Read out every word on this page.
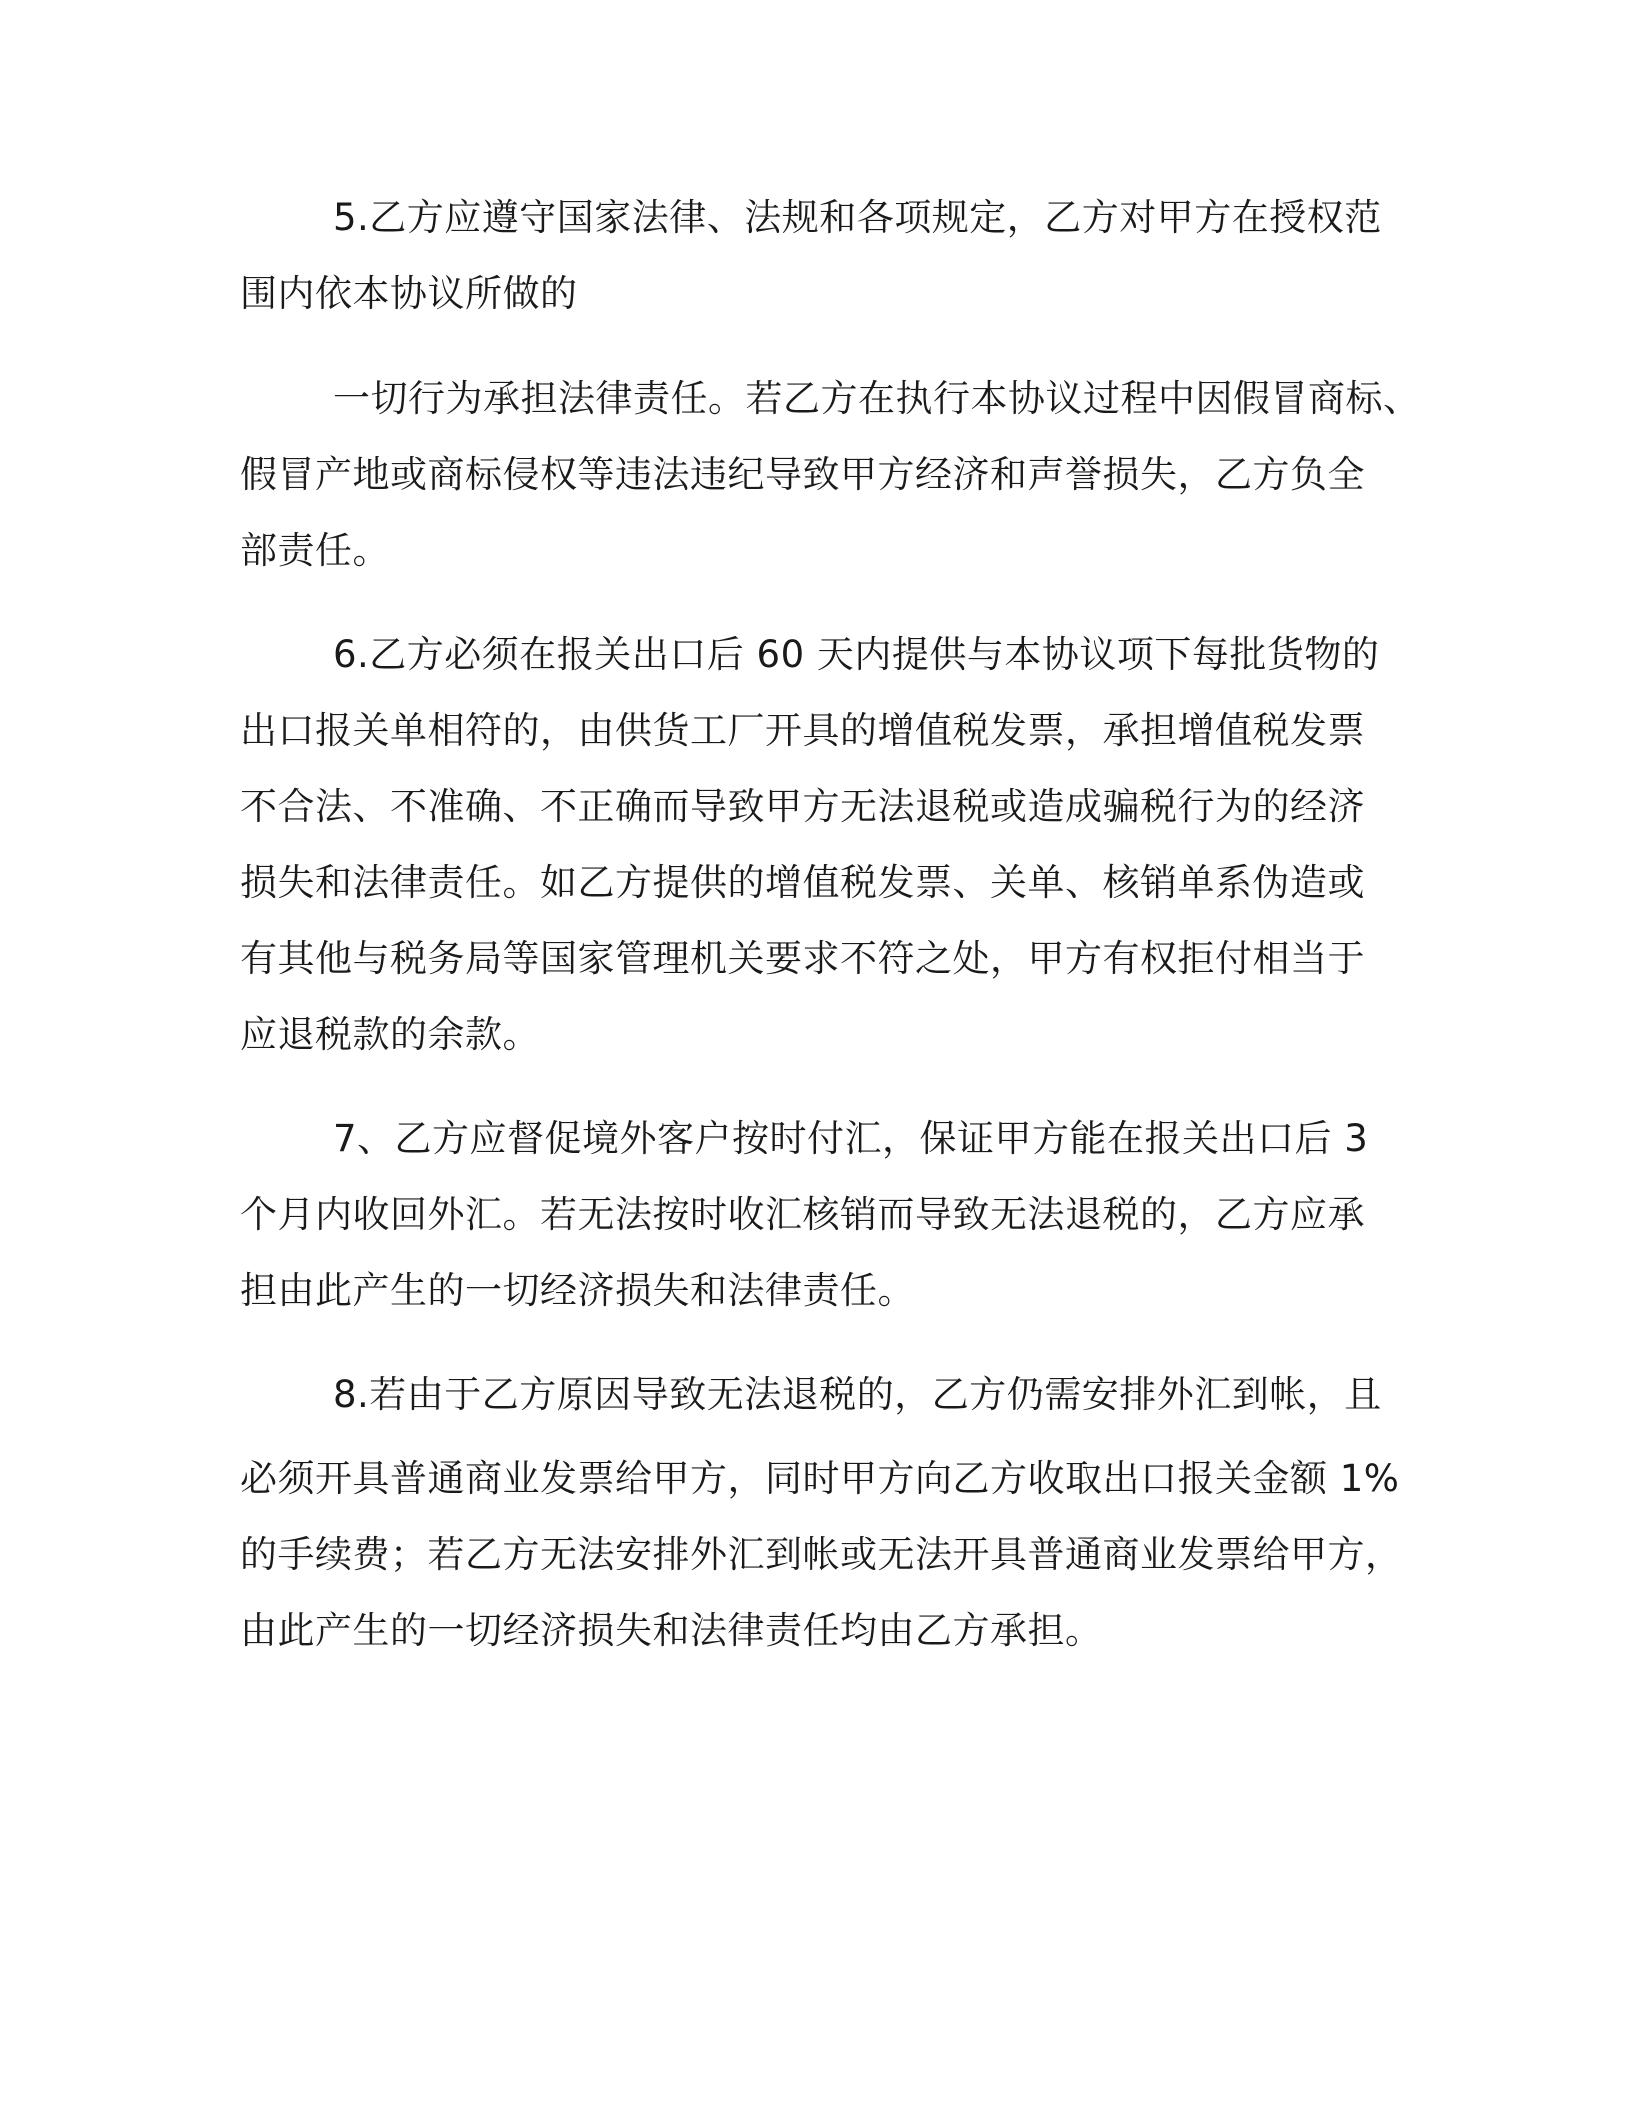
5.乙方应遵守国家法律、法规和各项规定，乙方对甲方在授权范
围内依本协议所做的
一切行为承担法律责任。若乙方在执行本协议过程中因假冒商标、
假冒产地或商标侵权等违法违纪导致甲方经济和声誉损失，乙方负全
部责任。
6.乙方必须在报关出口后 60 天内提供与本协议项下每批货物的
出口报关单相符的，由供货工厂开具的增值税发票，承担增值税发票
不合法、不准确、不正确而导致甲方无法退税或造成骗税行为的经济
损失和法律责任。如乙方提供的增值税发票、关单、核销单系伪造或
有其他与税务局等国家管理机关要求不符之处，甲方有权拒付相当于
应退税款的余款。
7、乙方应督促境外客户按时付汇，保证甲方能在报关出口后 3
个月内收回外汇。若无法按时收汇核销而导致无法退税的，乙方应承
担由此产生的一切经济损失和法律责任。
8.若由于乙方原因导致无法退税的，乙方仍需安排外汇到帐，且
必须开具普通商业发票给甲方，同时甲方向乙方收取出口报关金额 1%
的手续费；若乙方无法安排外汇到帐或无法开具普通商业发票给甲方，
由此产生的一切经济损失和法律责任均由乙方承担。
